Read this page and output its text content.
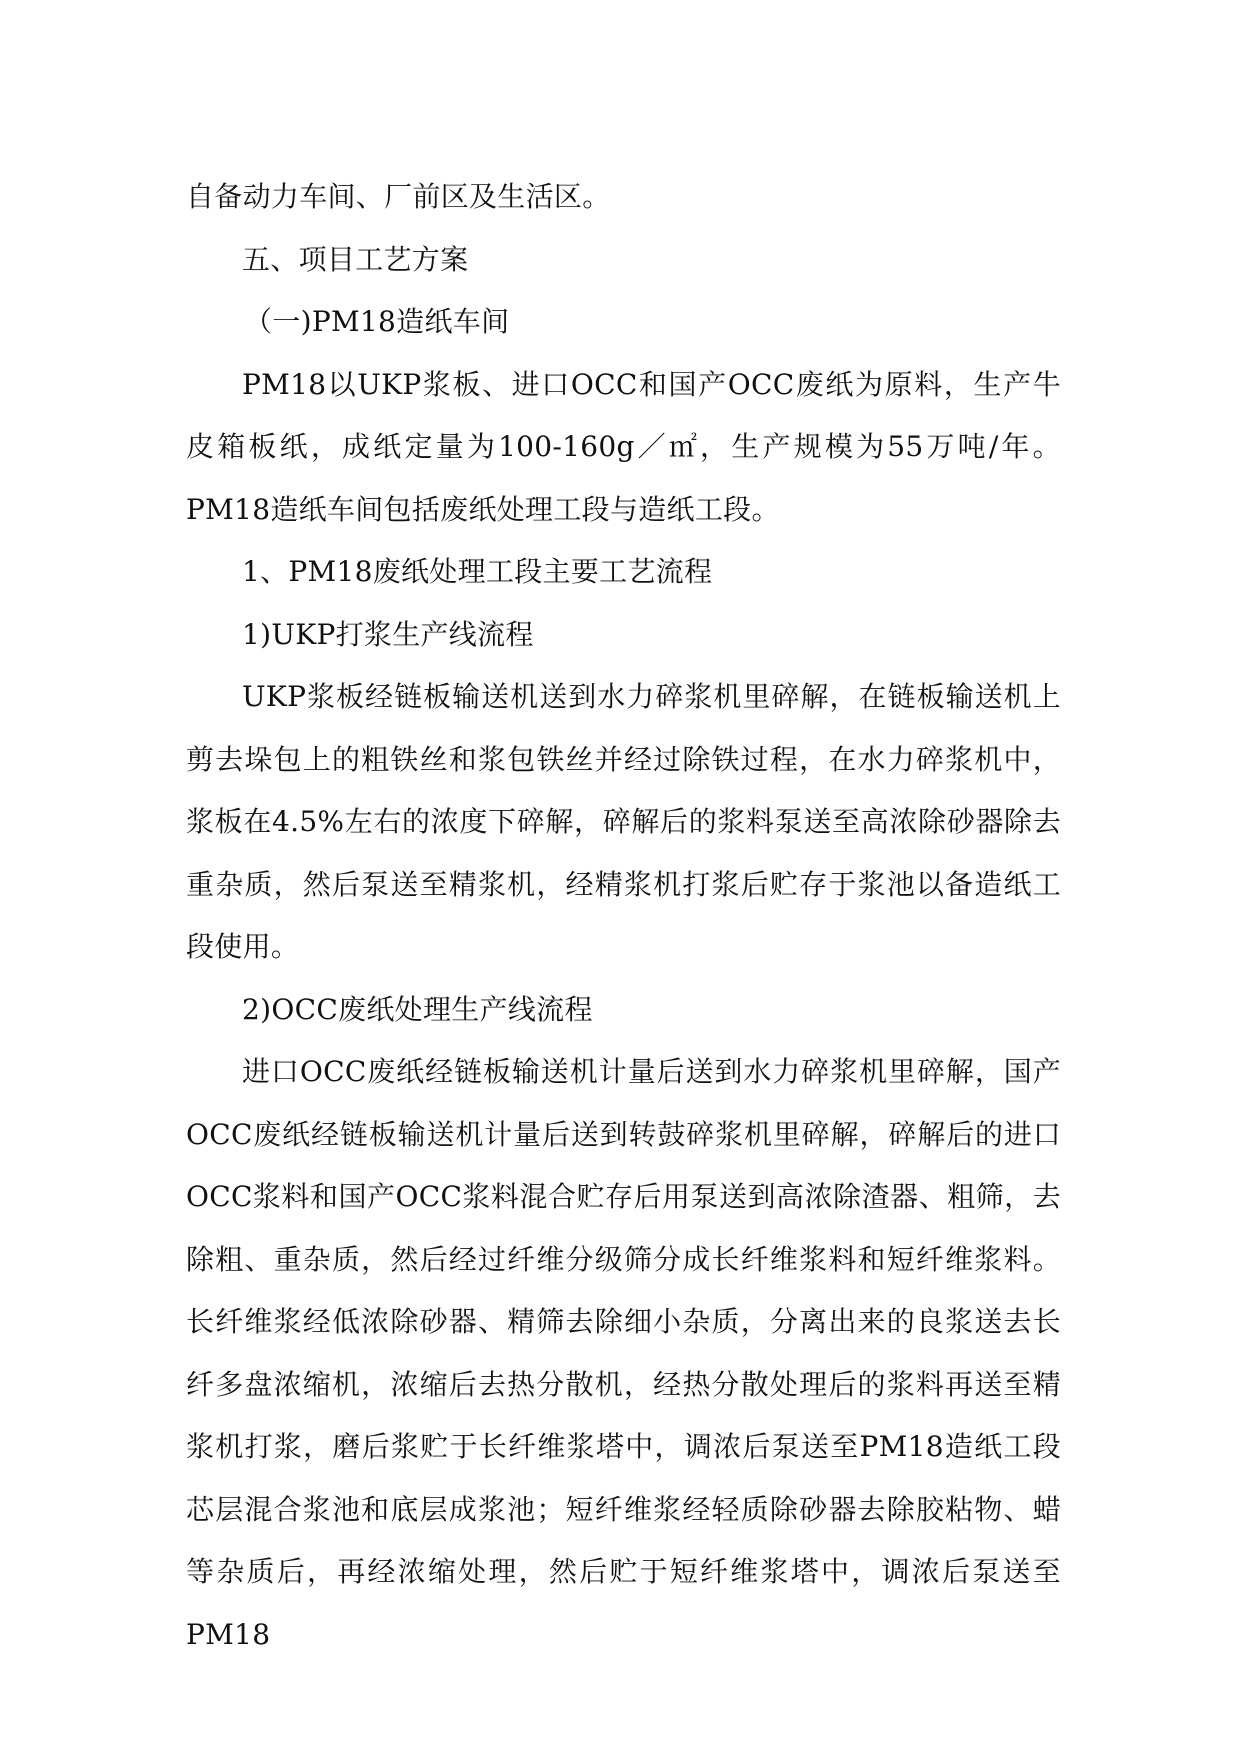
自备动力车间、厂前区及生活区。

五、项目工艺方案

（一)PM18造纸车间

PM18以UKP浆板、进口OCC和国产OCC废纸为原料，生产牛皮箱板纸，成纸定量为100-160g／㎡，生产规模为55万吨/年。PM18造纸车间包括废纸处理工段与造纸工段。

1、PM18废纸处理工段主要工艺流程

1)UKP打浆生产线流程

UKP浆板经链板输送机送到水力碎浆机里碎解，在链板输送机上剪去垛包上的粗铁丝和浆包铁丝并经过除铁过程，在水力碎浆机中，浆板在4.5%左右的浓度下碎解，碎解后的浆料泵送至高浓除砂器除去重杂质，然后泵送至精浆机，经精浆机打浆后贮存于浆池以备造纸工段使用。

2)OCC废纸处理生产线流程

进口OCC废纸经链板输送机计量后送到水力碎浆机里碎解，国产OCC废纸经链板输送机计量后送到转鼓碎浆机里碎解，碎解后的进口OCC浆料和国产OCC浆料混合贮存后用泵送到高浓除渣器、粗筛，去除粗、重杂质，然后经过纤维分级筛分成长纤维浆料和短纤维浆料。长纤维浆经低浓除砂器、精筛去除细小杂质，分离出来的良浆送去长纤多盘浓缩机，浓缩后去热分散机，经热分散处理后的浆料再送至精浆机打浆，磨后浆贮于长纤维浆塔中，调浓后泵送至PM18造纸工段芯层混合浆池和底层成浆池；短纤维浆经轻质除砂器去除胶粘物、蜡等杂质后，再经浓缩处理，然后贮于短纤维浆塔中，调浓后泵送至PM18
